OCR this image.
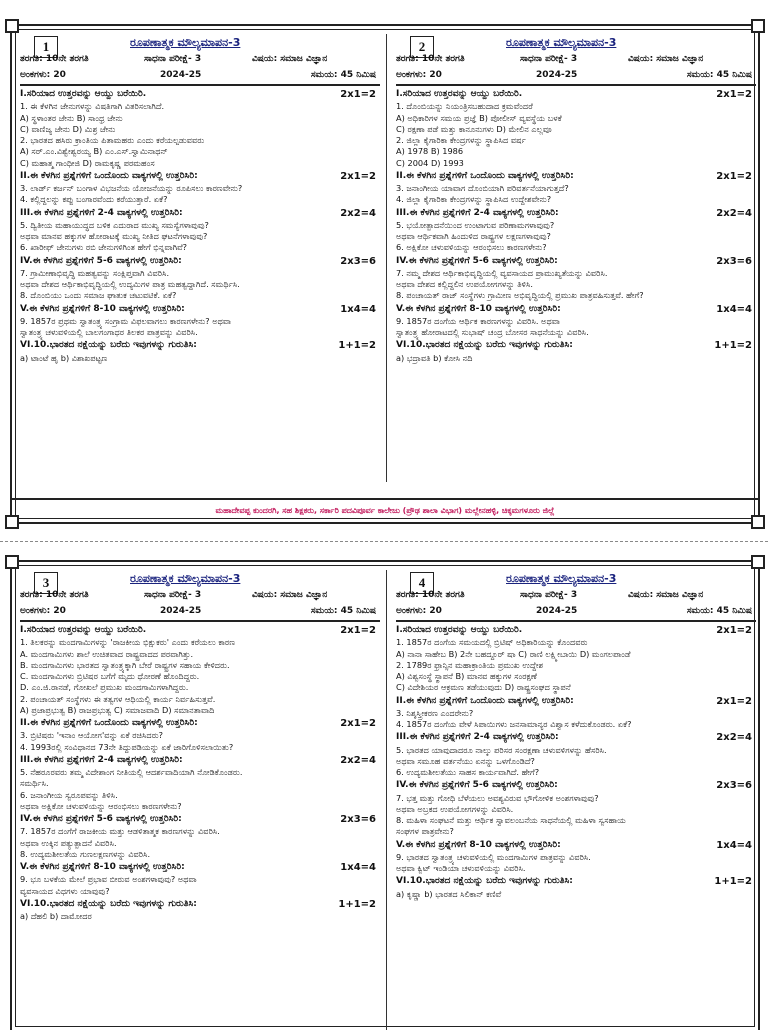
1	ರೂಪಣಾತ್ಮಕ ಮೌಲ್ಯಮಾಪನ-3
ತರಗತಿ: 10ನೇ ತರಗತಿ	ಸಾಧನಾ ಪರೀಕ್ಷೆ- 3	ವಿಷಯ: ಸಮಾಜ ವಿಜ್ಞಾನ
ಅಂಕಗಳು: 20	2024-25	ಸಮಯ: 45 ನಿಮಿಷ
I.ಸರಿಯಾದ ಉತ್ತರವನ್ನು ಆಯ್ದು ಬರೆಯಿರಿ.	2x1=2
1. ಈ ಕೆಳಗಿನ ಜೇನುಗಳನ್ನು ವಿಷತಿಗಾಗಿ ವಿತರಿಸಲಾಗಿದೆ.
A) ಸ್ಥಳಾಂತರ ಜೇನು B) ಸಾಂಧ್ರ ಜೇನು
C) ವಾಣಿಜ್ಯ ಜೇನು D) ಮಿಶ್ರ ಜೇನು
2. ಭಾರತದ ಹಸಿರು ಕ್ರಾಂತಿಯ ಪಿತಾಮಹರು ಎಂದು ಕರೆಯಲ್ಪಡುವವರು
A) ಸರ್.ಎಂ.ವಿಶ್ವೇಶ್ವರಯ್ಯ B) ಎಂ.ಎಸ್.ಸ್ವಾಮಿನಾಥನ್
C) ಮಹಾತ್ಮ ಗಾಂಧೀಜಿ D) ರಾಮಕೃಷ್ಣ ಪರಮಹಂಸ
II.ಈ ಕೆಳಗಿನ ಪ್ರಶ್ನೆಗಳಿಗೆ ಒಂದೊಂದು ವಾಕ್ಯಗಳಲ್ಲಿ ಉತ್ತರಿಸಿರಿ:	2x1=2
3. ಲಾರ್ಡ್ ಕರ್ಜನ್ ಬಂಗಾಳ ವಿಭಜನೆಯ ಯೋಜನೆಯನ್ನು ರೂಪಿಸಲು ಕಾರಣವೇನು?
4. ಕಲ್ಲಿದ್ದಲನ್ನು ಕಪ್ಪು ಬಂಗಾರವೆಂದು ಕರೆಯುತ್ತಾರೆ. ಏಕೆ?
III.ಈ ಕೆಳಗಿನ ಪ್ರಶ್ನೆಗಳಿಗೆ 2-4 ವಾಕ್ಯಗಳಲ್ಲಿ ಉತ್ತರಿಸಿರಿ:	2x2=4
5. ದ್ವಿತೀಯ ಮಹಾಯುದ್ಧದ ಬಳಿಕ ಎದುರಾದ ಮುಖ್ಯ ಸಮಸ್ಯೆಗಳಾವುವು?
ಅಥವಾ ಮಾನವ ಹಕ್ಕುಗಳ ಹೋರಾಟಕ್ಕೆ ಮುಖ್ಯ ನೀತಿದ ಘಟನೆಗಳಾವುವು?
6. ಖಾರೀಫ್ ಜೇನುಗಳು ರಬಿ ಜೇನುಗಳಿಗಿಂತ ಹೇಗೆ ಭಿನ್ನವಾಗಿವೆ?
IV.ಈ ಕೆಳಗಿನ ಪ್ರಶ್ನೆಗಳಿಗೆ 5-6 ವಾಕ್ಯಗಳಲ್ಲಿ ಉತ್ತರಿಸಿರಿ:	2x3=6
7. ಗ್ರಾಮೀಣಾಭಿವೃದ್ಧಿ ಮಹತ್ವವನ್ನು ಸಂಕ್ಷಿಪ್ತವಾಗಿ ವಿವರಿಸಿ.
ಅಥವಾ ದೇಶದ ಆರ್ಥಿಕಾಭಿವೃದ್ಧಿಯಲ್ಲಿ ಉದ್ಯಮಿಗಳ ಪಾತ್ರ ಮಹತ್ವದ್ದಾಗಿದೆ. ಸಮರ್ಥಿಸಿ.
8. ದೊಂಬಿಯು ಒಂದು ಸಮಾಜ ಘಾತುಕ ಚಟುವಟಿಕೆ. ಏಕೆ?
V.ಈ ಕೆಳಗಿನ ಪ್ರಶ್ನೆಗಳಿಗೆ 8-10 ವಾಕ್ಯಗಳಲ್ಲಿ ಉತ್ತರಿಸಿರಿ:	1x4=4
9. 1857ರ ಪ್ರಥಮ ಸ್ವಾತಂತ್ರ್ಯ ಸಂಗ್ರಾಮ ವಿಫಲವಾಗಲು ಕಾರಣಗಳೇನು? ಅಥವಾ
ಸ್ವಾತಂತ್ರ್ಯ ಚಳುವಳಿಯಲ್ಲಿ ಬಾಲಗಂಗಾಧರ ತಿಲಕರ ಪಾತ್ರವನ್ನು ವಿವರಿಸಿ.
VI.10.ಭಾರತದ ನಕ್ಷೆಯನ್ನು ಬರೆದು ಇವುಗಳನ್ನು ಗುರುತಿಸಿ:	1+1=2
a) ಟಾಂಟೆ ಹೃ b) ವಿಶಾಖಪಟ್ಟಣ
2	ರೂಪಣಾತ್ಮಕ ಮೌಲ್ಯಮಾಪನ-3
ತರಗತಿ: 10ನೇ ತರಗತಿ	ಸಾಧನಾ ಪರೀಕ್ಷೆ- 3	ವಿಷಯ: ಸಮಾಜ ವಿಜ್ಞಾನ
ಅಂಕಗಳು: 20	2024-25	ಸಮಯ: 45 ನಿಮಿಷ
I.ಸರಿಯಾದ ಉತ್ತರವನ್ನು ಆಯ್ದು ಬರೆಯಿರಿ.	2x1=2
1. ದೊಂಬಿಯನ್ನು ನಿಯಂತ್ರಿಸಬಹುದಾದ ಕ್ರಮವೆಂದರೆ
A) ಅಧಿಕಾರಿಗಳ ಸಮಯ ಪ್ರಜ್ಞೆ B) ಪೋಲೀಸ್ ವ್ಯವಸ್ಥೆಯ ಬಳಕೆ
C) ರಕ್ಷಣಾ ಪಡೆ ಮತ್ತು ಕಾನೂನುಗಳು D) ಮೇಲಿನ ಎಲ್ಲವೂ
2. ಜಿಲ್ಲಾ ಕೈಗಾರಿಕಾ ಕೇಂದ್ರಗಳನ್ನು ಸ್ಥಾಪಿಸಿದ ವರ್ಷ
A) 1978 B) 1986
C) 2004 D) 1993
II.ಈ ಕೆಳಗಿನ ಪ್ರಶ್ನೆಗಳಿಗೆ ಒಂದೊಂದು ವಾಕ್ಯಗಳಲ್ಲಿ ಉತ್ತರಿಸಿರಿ:	2x1=2
3. ಜನಾಂಗೀಯ ಯಾವಾಗ ದೊಂಬಿಯಾಗಿ ಪರಿವರ್ತನೆಯಾಗುತ್ತದೆ?
4. ಜಿಲ್ಲಾ ಕೈಗಾರಿಕಾ ಕೇಂದ್ರಗಳನ್ನು ಸ್ಥಾಪಿಸಿದ ಉದ್ದೇಶವೇನು?
III.ಈ ಕೆಳಗಿನ ಪ್ರಶ್ನೆಗಳಿಗೆ 2-4 ವಾಕ್ಯಗಳಲ್ಲಿ ಉತ್ತರಿಸಿರಿ:	2x2=4
5. ಭಯೋತ್ಪಾದನೆಯಿಂದ ಉಂಟಾಗುವ ಪರಿಣಾಮಗಳಾವುವು?
ಅಥವಾ ಆರ್ಥಿಕವಾಗಿ ಹಿಂದುಳಿದ ರಾಷ್ಟ್ರಗಳ ಲಕ್ಷಣಗಳಾವುವು?
6. ಅಕ್ಷಿಕೋ ಚಳುವಳಿಯನ್ನು ಆರಂಭಿಸಲು ಕಾರಣಗಳೇನು?
IV.ಈ ಕೆಳಗಿನ ಪ್ರಶ್ನೆಗಳಿಗೆ 5-6 ವಾಕ್ಯಗಳಲ್ಲಿ ಉತ್ತರಿಸಿರಿ:	2x3=6
7. ನಮ್ಮ ದೇಶದ ಆರ್ಥಿಕಾಭಿವೃದ್ಧಿಯಲ್ಲಿ ವ್ಯವಸಾಯದ ಪ್ರಾಮುಖ್ಯತೆಯನ್ನು ವಿವರಿಸಿ.
ಅಥವಾ ದೇಶದ ಕಲ್ಲಿದ್ದಲಿನ ಉಪಯೋಗಗಳನ್ನು ತಿಳಿಸಿ.
8. ಪಂಚಾಯತ್ ರಾಜ್ ಸಂಸ್ಥೆಗಳು ಗ್ರಾಮೀಣ ಅಭಿವೃದ್ಧಿಯಲ್ಲಿ ಪ್ರಮುಖ ಪಾತ್ರವಹಿಸುತ್ತವೆ. ಹೇಗೆ?
V.ಈ ಕೆಳಗಿನ ಪ್ರಶ್ನೆಗಳಿಗೆ 8-10 ವಾಕ್ಯಗಳಲ್ಲಿ ಉತ್ತರಿಸಿರಿ:	1x4=4
9. 1857ರ ದಂಗೆಯ ಆರ್ಥಿಕ ಕಾರಣಗಳನ್ನು ವಿವರಿಸಿ. ಅಥವಾ
ಸ್ವಾತಂತ್ರ್ಯ ಹೋರಾಟದಲ್ಲಿ ಸುಭಾಷ್ ಚಂದ್ರ ಬೋಸರ ಸಾಧನೆಯನ್ನು ವಿವರಿಸಿ.
VI.10.ಭಾರತದ ನಕ್ಷೆಯನ್ನು ಬರೆದು ಇವುಗಳನ್ನು ಗುರುತಿಸಿ:	1+1=2
a) ಭದ್ರಾವತಿ b) ಕೋಸಿ ನದಿ
ಮಹಾದೇವಪ್ಪ ಕುಂದರಗಿ, ಸಹ ಶಿಕ್ಷಕರು, ಸರ್ಕಾರಿ ಪದವಿಪೂರ್ವ ಕಾಲೇಜು (ಪ್ರೌಢ ಶಾಲಾ ವಿಭಾಗ) ಮಲ್ಲೇನಹಳ್ಳಿ, ಚಿಕ್ಕಮಗಳೂರು ಜಿಲ್ಲೆ
3	ರೂಪಣಾತ್ಮಕ ಮೌಲ್ಯಮಾಪನ-3
ತರಗತಿ: 10ನೇ ತರಗತಿ	ಸಾಧನಾ ಪರೀಕ್ಷೆ- 3	ವಿಷಯ: ಸಮಾಜ ವಿಜ್ಞಾನ
ಅಂಕಗಳು: 20	2024-25	ಸಮಯ: 45 ನಿಮಿಷ
I.ಸರಿಯಾದ ಉತ್ತರವನ್ನು ಆಯ್ದು ಬರೆಯಿರಿ.	2x1=2
1. ತಿಲಕರನ್ನು ಮಂದಗಾಮಿಗಳನ್ನು 'ರಾಜಕೀಯ ಭಿಕ್ಷುಕರು' ಎಂದು ಕರೆಯಲು ಕಾರಣ
A. ಮಂದಗಾಮಿಗಳು ಶಾಲೆ ಉಚಿತವಾದ ರಾಷ್ಟ್ರವಾದದ ಪರವಾಗಿತ್ತು.
B. ಮಂದಗಾಮಿಗಳು ಭಾರತದ ಸ್ವಾತಂತ್ರ್ಯಕ್ಕಾಗಿ ಬೇರೆ ರಾಷ್ಟ್ರಗಳ ಸಹಾಯ ಕೇಳಿದರು.
C. ಮಂದಗಾಮಿಗಳು ಬ್ರಿಟಿಷರ ಬಗೆಗೆ ಮೃದು ಧೋರಣೆ ಹೊಂದಿದ್ದರು.
D. ಎಂ.ಜಿ.ರಾನಡೆ, ಗೋಖಲೆ ಪ್ರಮುಖ ಮಂದಗಾಮಿಗಳಾಗಿದ್ದರು.
2. ಪಂಚಾಯತ್ ಸಂಸ್ಥೆಗಳು ಈ ತತ್ವಗಳ ಆಧಿಯಲ್ಲಿ ಕಾರ್ಯ ನಿರ್ವಹಿಸುತ್ತವೆ.
A) ಪ್ರಜಾಪ್ರಭುತ್ವ B) ರಾಜಪ್ರಭುತ್ವ C) ಸಮಾಜವಾದಿ D) ಸಮಾನತಾವಾದಿ
II.ಈ ಕೆಳಗಿನ ಪ್ರಶ್ನೆಗಳಿಗೆ ಒಂದೊಂದು ವಾಕ್ಯಗಳಲ್ಲಿ ಉತ್ತರಿಸಿರಿ:	2x1=2
3. ಬ್ರಿಟಿಷರು 'ಇನಾಂ ಆಯೋಗ'ವನ್ನು ಏಕೆ ರಚಿಸಿದರು?
4. 1993ರಲ್ಲಿ ಸಂವಿಧಾನದ 73ನೇ ತಿದ್ದುಪಡಿಯನ್ನು ಏಕೆ ಜಾರಿಗೊಳಿಸಲಾಯಿತು?
III.ಈ ಕೆಳಗಿನ ಪ್ರಶ್ನೆಗಳಿಗೆ 2-4 ವಾಕ್ಯಗಳಲ್ಲಿ ಉತ್ತರಿಸಿರಿ:	2x2=4
5. ನೆಹರೂರವರು ತಮ್ಮ ವಿದೇಶಾಂಗ ನೀತಿಯಲ್ಲಿ ಆದರ್ಶವಾದಿಯಾಗಿ ನೋಡಿಕೊಂಡರು.
ಸಮರ್ಥಿಸಿ.
6. ಜನಾಂಗೀಯ ಸ್ವರೂಪವನ್ನು ತಿಳಿಸಿ.
ಅಥವಾ ಅಕ್ಷಿಕೋ ಚಳುವಳಿಯನ್ನು ಆರಂಭಿಸಲು ಕಾರಣಗಳೇನು?
IV.ಈ ಕೆಳಗಿನ ಪ್ರಶ್ನೆಗಳಿಗೆ 5-6 ವಾಕ್ಯಗಳಲ್ಲಿ ಉತ್ತರಿಸಿರಿ:	2x3=6
7. 1857ರ ದಂಗೆಗೆ ರಾಜಕೀಯ ಮತ್ತು ಆಡಳಿತಾತ್ಮಕ ಕಾರಣಗಳನ್ನು ವಿವರಿಸಿ.
ಅಥವಾ ಉಕ್ಕಿನ ಪತ್ಯುತ್ಪಾದನೆ ವಿವರಿಸಿ.
8. ಉದ್ಯಮಶೀಲತೆಯ ಗುಣಲಕ್ಷಣಗಳನ್ನು ವಿವರಿಸಿ.
V.ಈ ಕೆಳಗಿನ ಪ್ರಶ್ನೆಗಳಿಗೆ 8-10 ವಾಕ್ಯಗಳಲ್ಲಿ ಉತ್ತರಿಸಿರಿ:	1x4=4
9. ಭೂ ಬಳಕೆಯ ಮೇಲೆ ಪ್ರಭಾವ ಬೀರುವ ಅಂಶಗಳಾವುವು? ಅಥವಾ
ವ್ಯವಸಾಯದ ವಿಧಗಳು ಯಾವುವು?
VI.10.ಭಾರತದ ನಕ್ಷೆಯನ್ನು ಬರೆದು ಇವುಗಳನ್ನು ಗುರುತಿಸಿ:	1+1=2
a) ದೆಹಲಿ b) ದಾಮೋದರ
4	ರೂಪಣಾತ್ಮಕ ಮೌಲ್ಯಮಾಪನ-3
ತರಗತಿ: 10ನೇ ತರಗತಿ	ಸಾಧನಾ ಪರೀಕ್ಷೆ- 3	ವಿಷಯ: ಸಮಾಜ ವಿಜ್ಞಾನ
ಅಂಕಗಳು: 20	2024-25	ಸಮಯ: 45 ನಿಮಿಷ
I.ಸರಿಯಾದ ಉತ್ತರವನ್ನು ಆಯ್ದು ಬರೆಯಿರಿ.	2x1=2
1. 1857ರ ದಂಗೆಯ ಸಮಯದಲ್ಲಿ ಬ್ರಿಟಿಷ್ ಅಧಿಕಾರಿಯನ್ನು ಕೊಂದವರು
A) ನಾನಾ ಸಾಹೇಬ B) 2ನೇ ಬಹದ್ದೂರ್ ಷಾ C) ರಾಣಿ ಲಕ್ಷ್ಮೀಬಾಯಿ D) ಮಂಗಲಪಾಂಡೆ
2. 1789ರ ಫ್ರಾನ್ಸಿನ ಮಹಾಕ್ರಾಂತಿಯ ಪ್ರಮುಖ ಉದ್ದೇಶ
A) ವಿಶ್ವಸಂಸ್ಥೆ ಸ್ಥಾಪನೆ B) ಮಾನವ ಹಕ್ಕುಗಳ ಸಂರಕ್ಷಣೆ
C) ವಿದೇಶಿಯರ ಆಕ್ರಮಣ ತಡೆಯುವುದು D) ರಾಷ್ಟ್ರಸಂಘದ ಸ್ಥಾಪನೆ
II.ಈ ಕೆಳಗಿನ ಪ್ರಶ್ನೆಗಳಿಗೆ ಒಂದೊಂದು ವಾಕ್ಯಗಳಲ್ಲಿ ಉತ್ತರಿಸಿರಿ:	2x1=2
3. ನಿಶ್ಶಸ್ತ್ರೀಕರಣ ಎಂದರೇನು?
4. 1857ರ ದಂಗೆಯ ವೇಳೆ ಸಿಪಾಯಿಗಳು ಜನಸಾಮಾನ್ಯರ ವಿಶ್ವಾಸ ಕಳೆದುಕೊಂಡರು. ಏಕೆ?
III.ಈ ಕೆಳಗಿನ ಪ್ರಶ್ನೆಗಳಿಗೆ 2-4 ವಾಕ್ಯಗಳಲ್ಲಿ ಉತ್ತರಿಸಿರಿ:	2x2=4
5. ಭಾರತದ ಯಾವುದಾದರೂ ನಾಲ್ಕು ಪರಿಸರ ಸಂರಕ್ಷಣಾ ಚಳುವಳಿಗಳನ್ನು ಹೆಸರಿಸಿ.
ಅಥವಾ ಸಮೂಹ ವರ್ತನೆಯು ಏನನ್ನು ಒಳಗೊಂಡಿದೆ?
6. ಉದ್ಯಮಶೀಲತೆಯು ಸಾಹಸ ಕಾರ್ಯವಾಗಿದೆ. ಹೇಗೆ?
IV.ಈ ಕೆಳಗಿನ ಪ್ರಶ್ನೆಗಳಿಗೆ 5-6 ವಾಕ್ಯಗಳಲ್ಲಿ ಉತ್ತರಿಸಿರಿ:	2x3=6
7. ಭತ್ತ ಮತ್ತು ಗೋಧಿ ಬೆಳೆಯಲು ಅವಶ್ಯವಿರುವ ಭೌಗೋಳಿಕ ಅಂಶಗಳಾವುವು?
ಅಥವಾ ಅಬ್ರಕದ ಉಪಯೋಗಗಳನ್ನು ವಿವರಿಸಿ.
8. ಮಹಿಳಾ ಸಂಘಟನೆ ಮತ್ತು ಆರ್ಥಿಕ ಸ್ವಾವಲಂಬನೆಯ ಸಾಧನೆಯಲ್ಲಿ ಮಹಿಳಾ ಸ್ವಸಹಾಯ
ಸಂಘಗಳ ಪಾತ್ರವೇನು?
V.ಈ ಕೆಳಗಿನ ಪ್ರಶ್ನೆಗಳಿಗೆ 8-10 ವಾಕ್ಯಗಳಲ್ಲಿ ಉತ್ತರಿಸಿರಿ:	1x4=4
9. ಭಾರತದ ಸ್ವಾತಂತ್ರ್ಯ ಚಳುವಳಿಯಲ್ಲಿ ಮಂದಗಾಮಿಗಳ ಪಾತ್ರವನ್ನು ವಿವರಿಸಿ.
ಅಥವಾ ಕ್ವಿಟ್ ಇಂಡಿಯಾ ಚಳುವಳಿಯನ್ನು ವಿವರಿಸಿ.
VI.10.ಭಾರತದ ನಕ್ಷೆಯನ್ನು ಬರೆದು ಇವುಗಳನ್ನು ಗುರುತಿಸಿ:	1+1=2
a) ಕೃಷ್ಣಾ b) ಭಾರತದ ಸಿಲಿಕಾನ್ ಕಣಿವೆ
